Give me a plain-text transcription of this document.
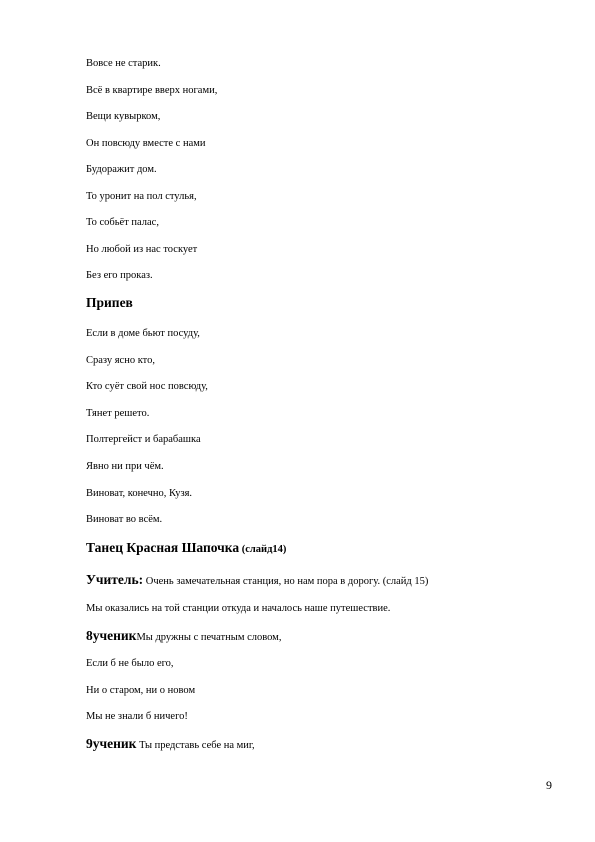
Вовсе не старик.
Всё в квартире вверх ногами,
Вещи кувырком,
Он повсюду вместе с нами
Будоражит дом.
То уронит на пол стулья,
То собьёт палас,
Но любой из нас тоскует
Без его проказ.
Припев
Если в доме бьют посуду,
Сразу ясно кто,
Кто суёт свой нос повсюду,
Тянет решето.
Полтергейст и барабашка
Явно ни при чём.
Виноват, конечно, Кузя.
Виноват во всём.
Танец Красная Шапочка (слайд14)
Учитель: Очень замечательная станция, но нам пора в дорогу. (слайд 15)
Мы оказались на той станции откуда и началось наше путешествие.
8ученикМы дружны с печатным словом,
Если б не было его,
Ни о старом, ни о новом
Мы не знали б ничего!
9ученик Ты представь себе на миг,
9
